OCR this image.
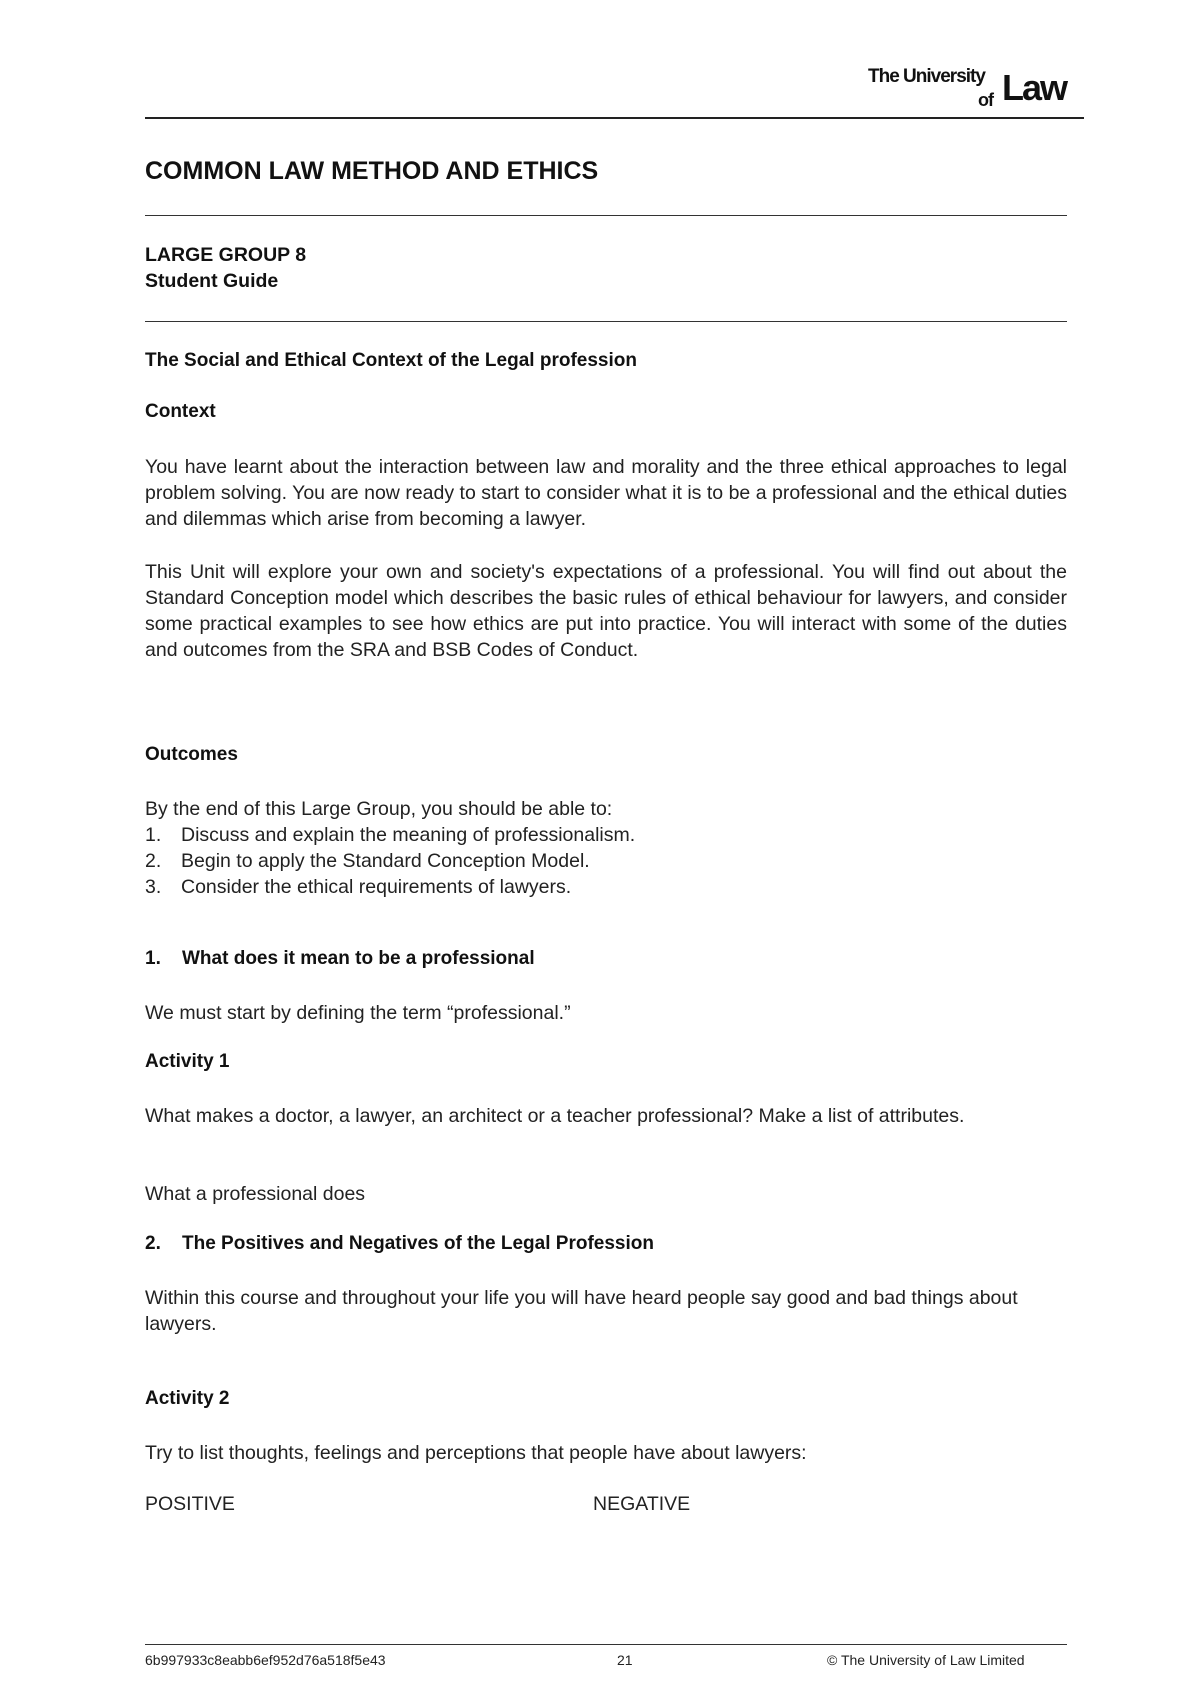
The University
of Law
COMMON LAW METHOD AND ETHICS
LARGE GROUP 8
Student Guide
The Social and Ethical Context of the Legal profession
Context
You have learnt about the interaction between law and morality and the three ethical approaches to legal problem solving. You are now ready to start to consider what it is to be a professional and the ethical duties and dilemmas which arise from becoming a lawyer.
This Unit will explore your own and society's expectations of a professional. You will find out about the Standard Conception model which describes the basic rules of ethical behaviour for lawyers, and consider some practical examples to see how ethics are put into practice. You will interact with some of the duties and outcomes from the SRA and BSB Codes of Conduct.
Outcomes
By the end of this Large Group, you should be able to:
1.	Discuss and explain the meaning of professionalism.
2.	Begin to apply the Standard Conception Model.
3.	Consider the ethical requirements of lawyers.
1. What does it mean to be a professional
We must start by defining the term “professional.”
Activity 1
What makes a doctor, a lawyer, an architect or a teacher professional? Make a list of attributes.
What a professional does
2. The Positives and Negatives of the Legal Profession
Within this course and throughout your life you will have heard people say good and bad things about lawyers.
Activity 2
Try to list thoughts, feelings and perceptions that people have about lawyers:
POSITIVE	NEGATIVE
6b997933c8eabb6ef952d76a518f5e43	21	© The University of Law Limited
